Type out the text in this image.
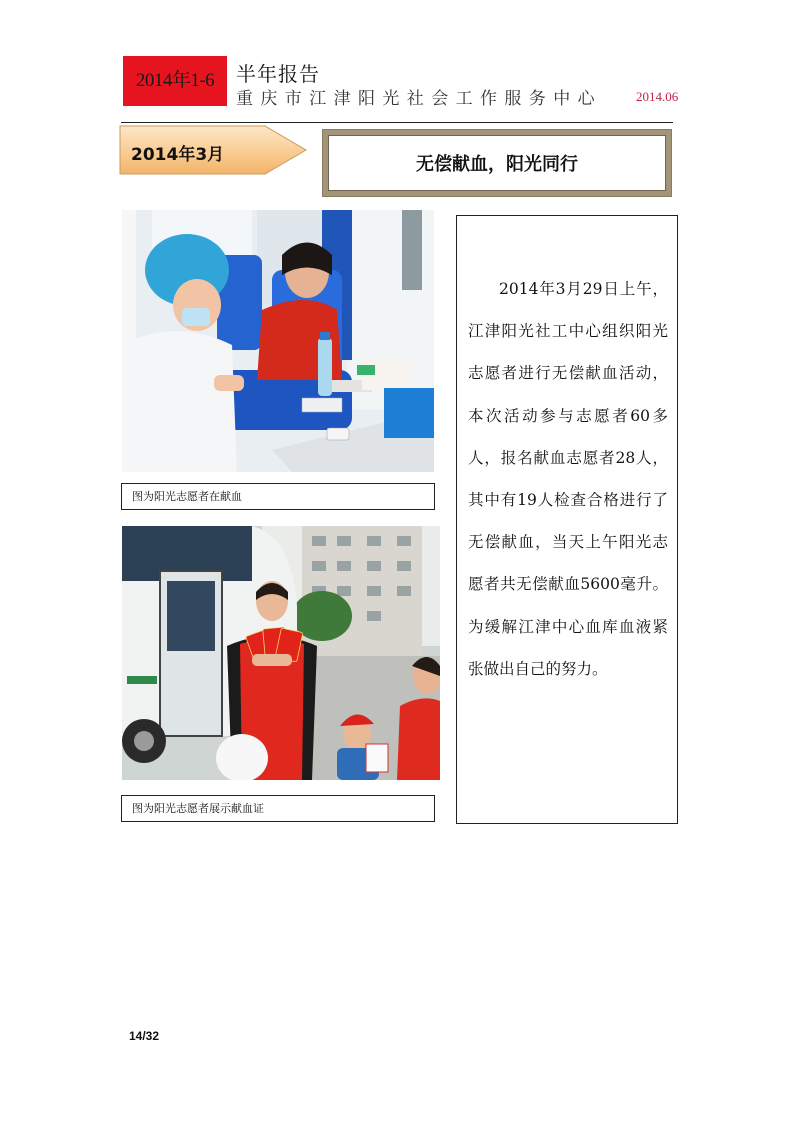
2014年1-6	半年报告
重庆市江津阳光社会工作服务中心	2014.06
2014年3月	无偿献血，阳光同行
图为阳光志愿者在献血
图为阳光志愿者展示献血证
2014年3月29日上午，江津阳光社工中心组织阳光志愿者进行无偿献血活动，本次活动参与志愿者60多人，报名献血志愿者28人，其中有19人检查合格进行了无偿献血，当天上午阳光志愿者共无偿献血5600毫升。为缓解江津中心血库血液紧张做出自己的努力。
14/32
